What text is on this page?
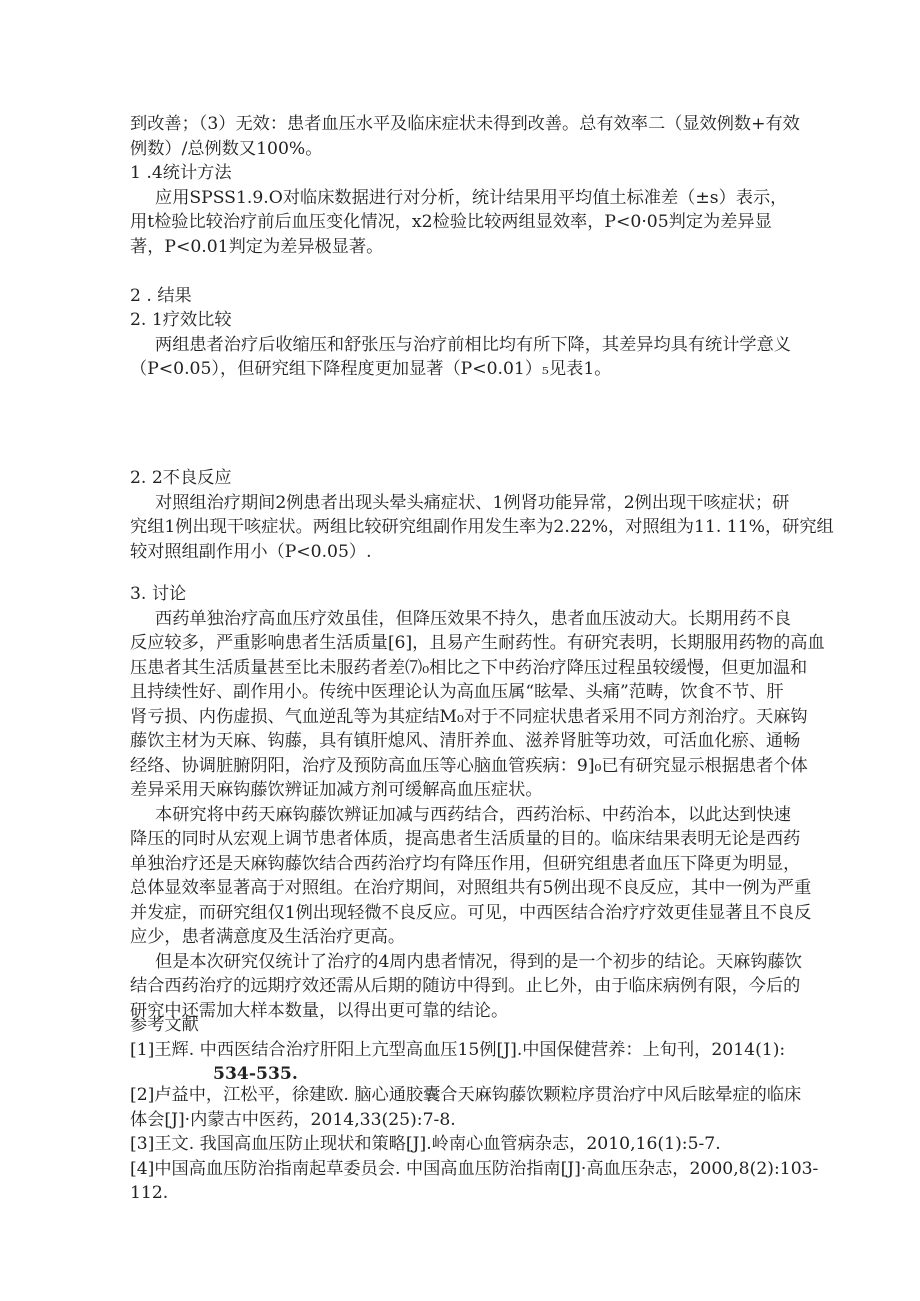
到改善；（3）无效：患者血压水平及临床症状未得到改善。总有效率二（显效例数+有效
例数）/总例数又100%。
1 .4统计方法
应用SPSS1.9.O对临床数据进行对分析，统计结果用平均值土标准差（±s）表示，
用t检验比较治疗前后血压变化情况，x2检验比较两组显效率，P<0·05判定为差异显
著，P<0.01判定为差异极显著。
2 . 结果
2. 1疗效比较
两组患者治疗后收缩压和舒张压与治疗前相比均有所下降，其差异均具有统计学意义
（P<0.05），但研究组下降程度更加显著（P<0.01）₅见表1。
2. 2不良反应
对照组治疗期间2例患者出现头晕头痛症状、1例肾功能异常，2例出现干咳症状；研
究组1例出现干咳症状。两组比较研究组副作用发生率为2.22%，对照组为11. 11%，研究组
较对照组副作用小（P<0.05）.
3. 讨论
西药单独治疗高血压疗效虽佳，但降压效果不持久，患者血压波动大。长期用药不良
反应较多，严重影响患者生活质量[6]，且易产生耐药性。有研究表明，长期服用药物的高血
压患者其生活质量甚至比未服药者差⑺₀相比之下中药治疗降压过程虽较缓慢，但更加温和
且持续性好、副作用小。传统中医理论认为高血压属“眩晕、头痛”范畴，饮食不节、肝
肾亏损、内伤虚损、气血逆乱等为其症结M₀对于不同症状患者采用不同方剂治疗。天麻钩
藤饮主材为天麻、钩藤，具有镇肝熄风、清肝养血、滋养肾脏等功效，可活血化瘀、通畅
经络、协调脏腑阴阳，治疗及预防高血压等心脑血管疾病：9]₀已有研究显示根据患者个体
差异采用天麻钩藤饮辨证加减方剂可缓解高血压症状。
本研究将中药天麻钩藤饮辨证加减与西药结合，西药治标、中药治本，以此达到快速
降压的同时从宏观上调节患者体质，提高患者生活质量的目的。临床结果表明无论是西药
单独治疗还是天麻钩藤饮结合西药治疗均有降压作用，但研究组患者血压下降更为明显，
总体显效率显著高于对照组。在治疗期间，对照组共有5例出现不良反应，其中一例为严重
并发症，而研究组仅1例出现轻微不良反应。可见，中西医结合治疗疗效更佳显著且不良反
应少，患者满意度及生活治疗更高。
但是本次研究仅统计了治疗的4周内患者情况，得到的是一个初步的结论。天麻钩藤饮
结合西药治疗的远期疗效还需从后期的随访中得到。止匕外，由于临床病例有限，今后的
研究中还需加大样本数量，以得出更可靠的结论。
参考文献
[1]王辉. 中西医结合治疗肝阳上亢型高血压15例[J].中国保健营养：上旬刊，2014(1):
534-535.
[2]卢益中，江松平，徐建欧. 脑心通胶囊合天麻钩藤饮颗粒序贯治疗中风后眩晕症的临床
体会[J]·内蒙古中医药，2014,33(25):7-8.
[3]王文. 我国高血压防止现状和策略[J].岭南心血管病杂志，2010,16(1):5-7.
[4]中国高血压防治指南起草委员会. 中国高血压防治指南[J]·高血压杂志，2000,8(2):103-
112.
